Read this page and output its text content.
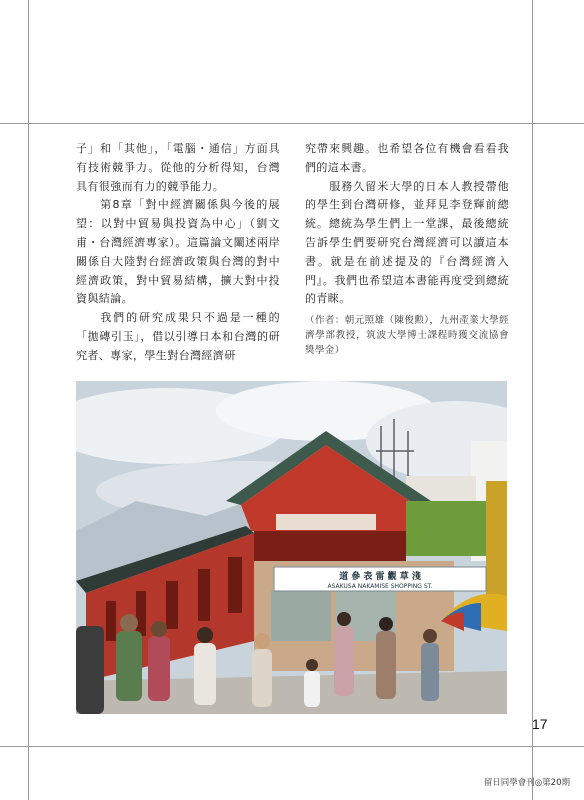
子」和「其他」，「電腦・通信」方面具有技術競爭力。從他的分析得知，台灣具有很強而有力的競爭能力。

第8章「對中經濟關係與今後的展望：以對中貿易與投資為中心」（劉文甫・台灣經濟專家）。這篇論文闡述兩岸關係自大陸對台經濟政策與台灣的對中經濟政策，對中貿易結構，擴大對中投資與結論。

我們的研究成果只不過是一種的「拋磚引玉」，借以引導日本和台灣的研究者、專家，學生對台灣經濟研

究帶來興趣。也希望各位有機會看看我們的這本書。

服務久留米大學的日本人教授帶他的學生到台灣研修，並拜見李登輝前總統。總統為學生們上一堂課，最後總統告訴學生們要研究台灣經濟可以讀這本書。就是在前述提及的『台灣經濟入門』。我們也希望這本書能再度受到總統的青睞。

（作者：朝元照雄（陳俊勲），九州產業大學經濟學部教授，筑波大學博士課程時獲交流協會獎學金）

道 參 表 雷 觀 草 淺
ASAKUSA NAKAMISE SHOPPING ST.
17
留日同學會刊◎第20期
